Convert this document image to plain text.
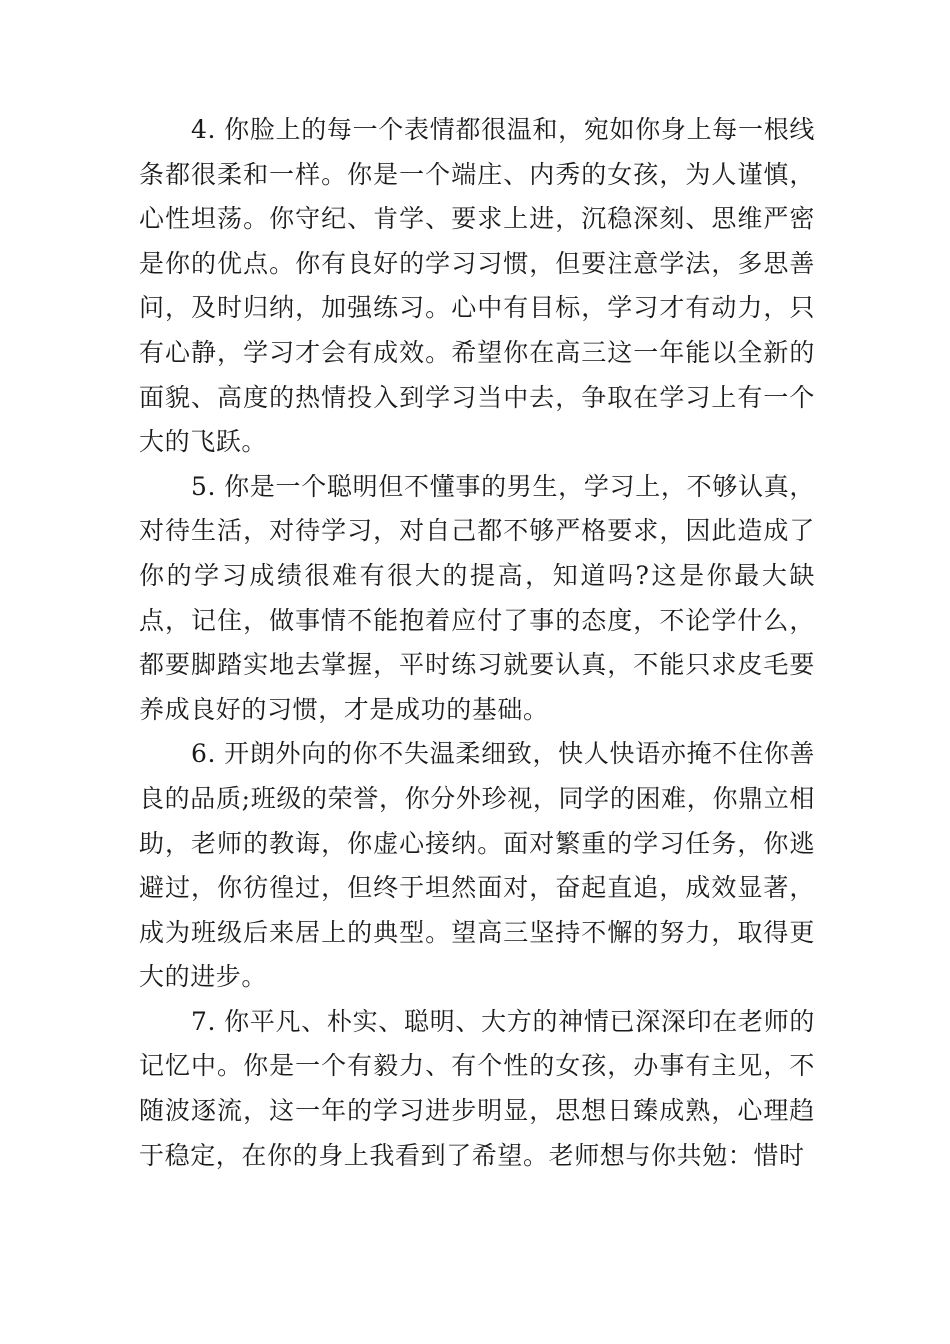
4. 你脸上的每一个表情都很温和，宛如你身上每一根线条都很柔和一样。你是一个端庄、内秀的女孩，为人谨慎，心性坦荡。你守纪、肯学、要求上进，沉稳深刻、思维严密是你的优点。你有良好的学习习惯，但要注意学法，多思善问，及时归纳，加强练习。心中有目标，学习才有动力，只有心静，学习才会有成效。希望你在高三这一年能以全新的面貌、高度的热情投入到学习当中去，争取在学习上有一个大的飞跃。

5. 你是一个聪明但不懂事的男生，学习上，不够认真，对待生活，对待学习，对自己都不够严格要求，因此造成了你的学习成绩很难有很大的提高，知道吗?这是你最大缺点，记住，做事情不能抱着应付了事的态度，不论学什么，都要脚踏实地去掌握，平时练习就要认真，不能只求皮毛要养成良好的习惯，才是成功的基础。

6. 开朗外向的你不失温柔细致，快人快语亦掩不住你善良的品质;班级的荣誉，你分外珍视，同学的困难，你鼎立相助，老师的教诲，你虚心接纳。面对繁重的学习任务，你逃避过，你彷徨过，但终于坦然面对，奋起直追，成效显著，成为班级后来居上的典型。望高三坚持不懈的努力，取得更大的进步。

7. 你平凡、朴实、聪明、大方的神情已深深印在老师的记忆中。你是一个有毅力、有个性的女孩，办事有主见，不随波逐流，这一年的学习进步明显，思想日臻成熟，心理趋于稳定，在你的身上我看到了希望。老师想与你共勉：惜时
